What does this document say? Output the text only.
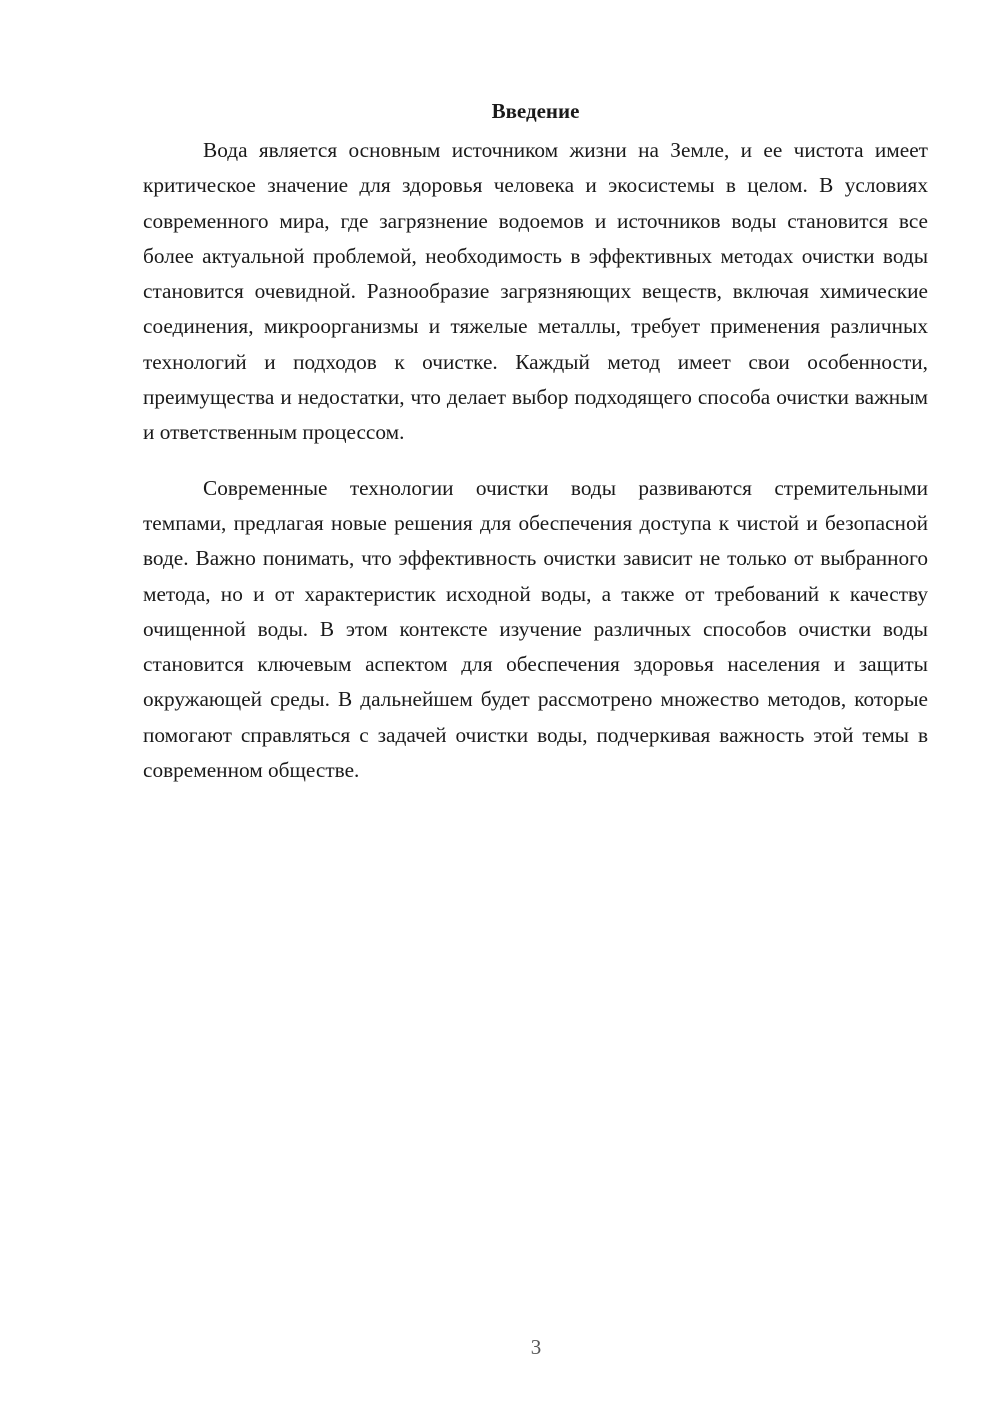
Введение

Вода является основным источником жизни на Земле, и ее чистота имеет критическое значение для здоровья человека и экосистемы в целом. В условиях современного мира, где загрязнение водоемов и источников воды становится все более актуальной проблемой, необходимость в эффективных методах очистки воды становится очевидной. Разнообразие загрязняющих веществ, включая химические соединения, микроорганизмы и тяжелые металлы, требует применения различных технологий и подходов к очистке. Каждый метод имеет свои особенности, преимущества и недостатки, что делает выбор подходящего способа очистки важным и ответственным процессом.

Современные технологии очистки воды развиваются стремительными темпами, предлагая новые решения для обеспечения доступа к чистой и безопасной воде. Важно понимать, что эффективность очистки зависит не только от выбранного метода, но и от характеристик исходной воды, а также от требований к качеству очищенной воды. В этом контексте изучение различных способов очистки воды становится ключевым аспектом для обеспечения здоровья населения и защиты окружающей среды. В дальнейшем будет рассмотрено множество методов, которые помогают справляться с задачей очистки воды, подчеркивая важность этой темы в современном обществе.

3
